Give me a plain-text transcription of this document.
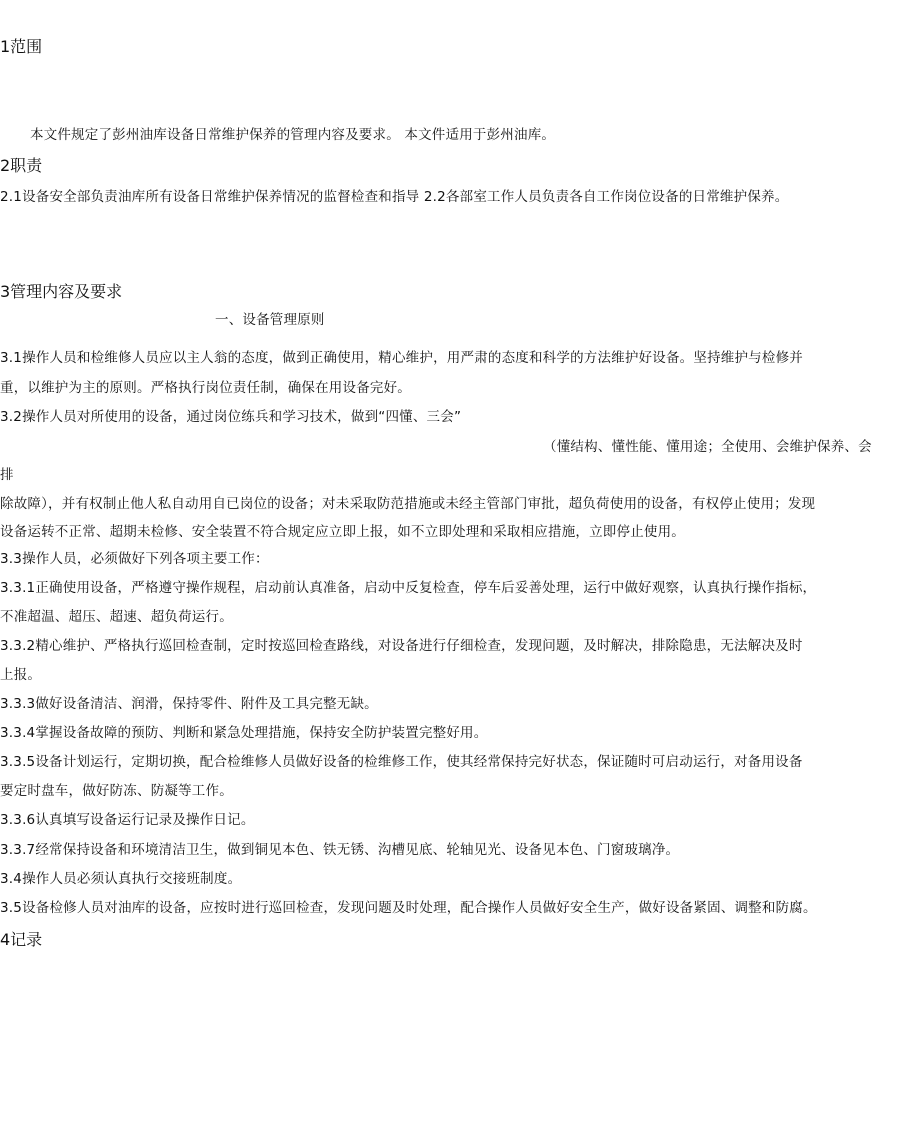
1范围
本文件规定了彭州油库设备日常维护保养的管理内容及要求。 本文件适用于彭州油库。
2职责
2.1设备安全部负责油库所有设备日常维护保养情况的监督检查和指导 2.2各部室工作人员负责各自工作岗位设备的日常维护保养。
3管理内容及要求
一、设备管理原则
3.1操作人员和检维修人员应以主人翁的态度，做到正确使用，精心维护，用严肃的态度和科学的方法维护好设备。坚持维护与检修并
重，以维护为主的原则。严格执行岗位责任制，确保在用设备完好。
3.2操作人员对所使用的设备，通过岗位练兵和学习技术，做到“四懂、三会”
（懂结构、懂性能、懂用途；全使用、会维护保养、会
排
除故障），并有权制止他人私自动用自已岗位的设备；对未采取防范措施或未经主管部门审批，超负荷使用的设备，有权停止使用；发现
设备运转不正常、超期未检修、安全装置不符合规定应立即上报，如不立即处理和采取相应措施，立即停止使用。
3.3操作人员，必须做好下列各项主要工作：
3.3.1正确使用设备，严格遵守操作规程，启动前认真准备，启动中反复检查，停车后妥善处理，运行中做好观察，认真执行操作指标，
不准超温、超压、超速、超负荷运行。
3.3.2精心维护、严格执行巡回检查制，定时按巡回检查路线，对设备进行仔细检查，发现问题，及时解决，排除隐患，无法解决及时
上报。
3.3.3做好设备清洁、润滑，保持零件、附件及工具完整无缺。
3.3.4掌握设备故障的预防、判断和紧急处理措施，保持安全防护装置完整好用。
3.3.5设备计划运行，定期切换，配合检维修人员做好设备的检维修工作，使其经常保持完好状态，保证随时可启动运行，对备用设备
要定时盘车，做好防冻、防凝等工作。
3.3.6认真填写设备运行记录及操作日记。
3.3.7经常保持设备和环境清洁卫生，做到铜见本色、铁无锈、沟槽见底、轮轴见光、设备见本色、门窗玻璃净。
3.4操作人员必须认真执行交接班制度。
3.5设备检修人员对油库的设备，应按时进行巡回检查，发现问题及时处理，配合操作人员做好安全生产，做好设备紧固、调整和防腐。
4记录
